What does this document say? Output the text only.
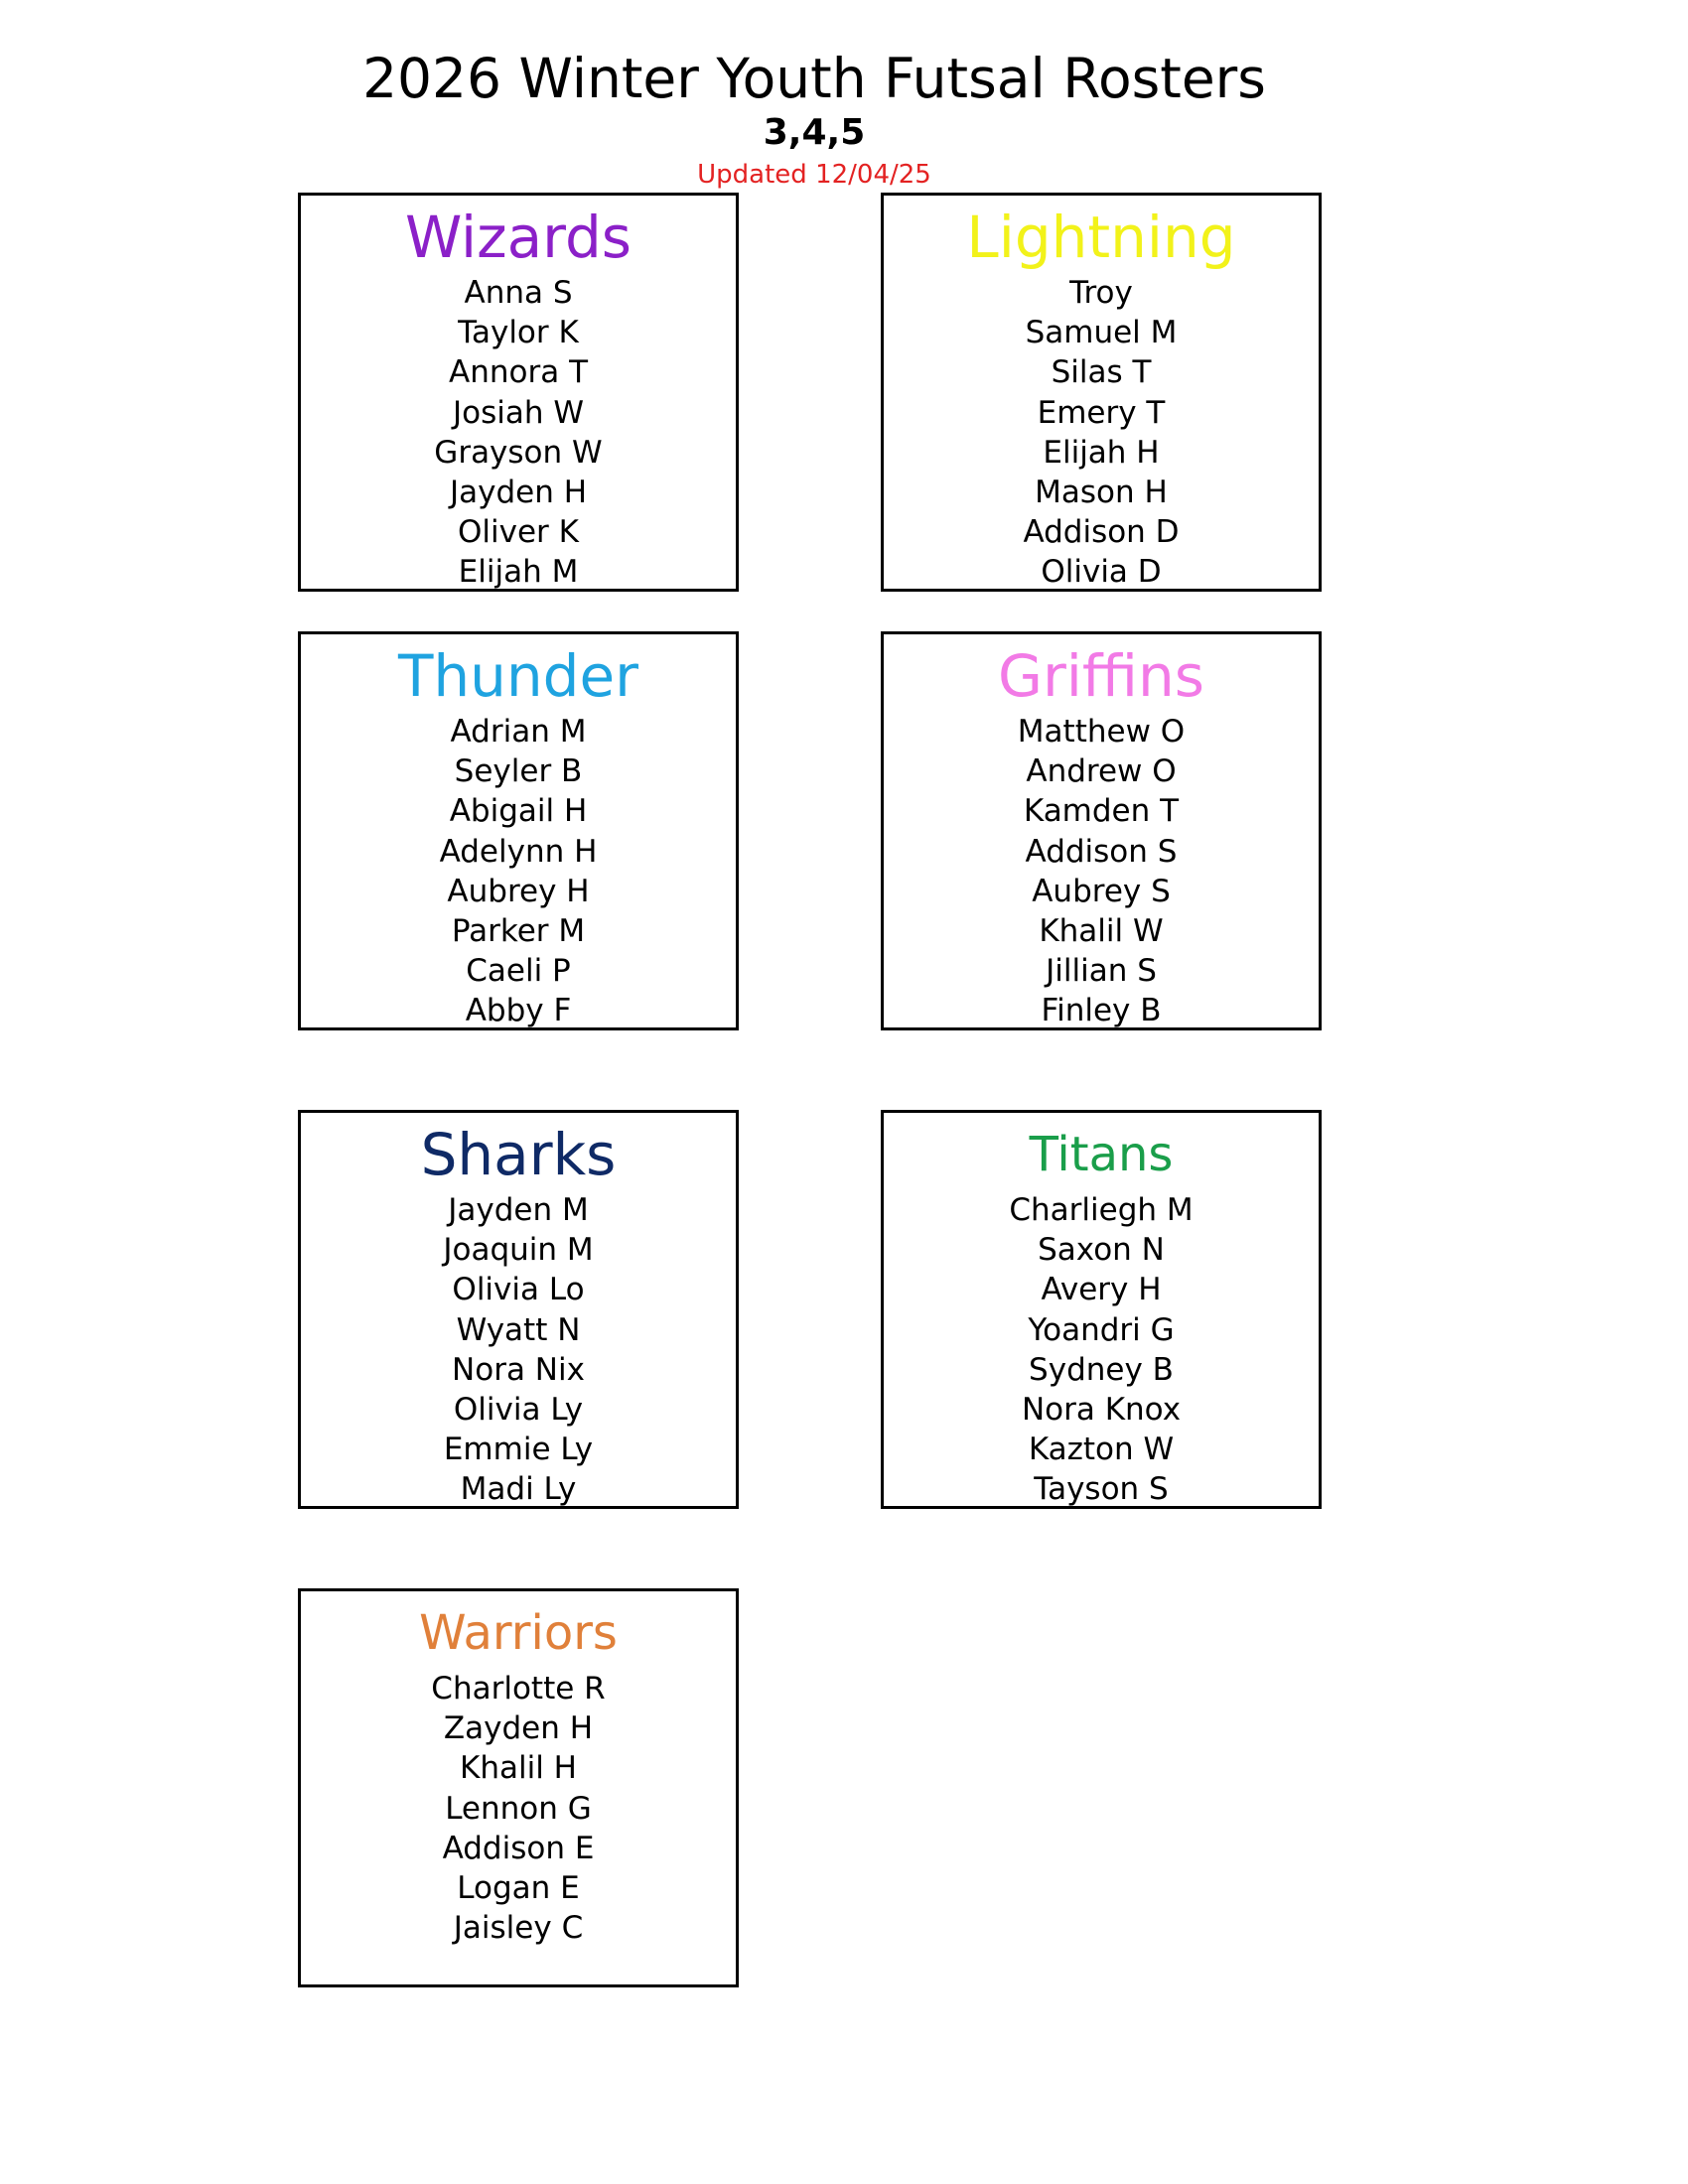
2026 Winter Youth Futsal Rosters
3,4,5
Updated 12/04/25
Wizards
Anna S
Taylor K
Annora T
Josiah W
Grayson W
Jayden H
Oliver K
Elijah M
Lightning
Troy
Samuel M
Silas T
Emery T
Elijah H
Mason H
Addison D
Olivia D
Thunder
Adrian M
Seyler B
Abigail H
Adelynn H
Aubrey H
Parker M
Caeli P
Abby F
Griffins
Matthew O
Andrew O
Kamden T
Addison S
Aubrey S
Khalil W
Jillian S
Finley B
Sharks
Jayden M
Joaquin M
Olivia Lo
Wyatt N
Nora Nix
Olivia Ly
Emmie Ly
Madi Ly
Titans
Charliegh M
Saxon N
Avery H
Yoandri G
Sydney B
Nora Knox
Kazton W
Tayson S
Warriors
Charlotte R
Zayden H
Khalil H
Lennon G
Addison E
Logan E
Jaisley C
